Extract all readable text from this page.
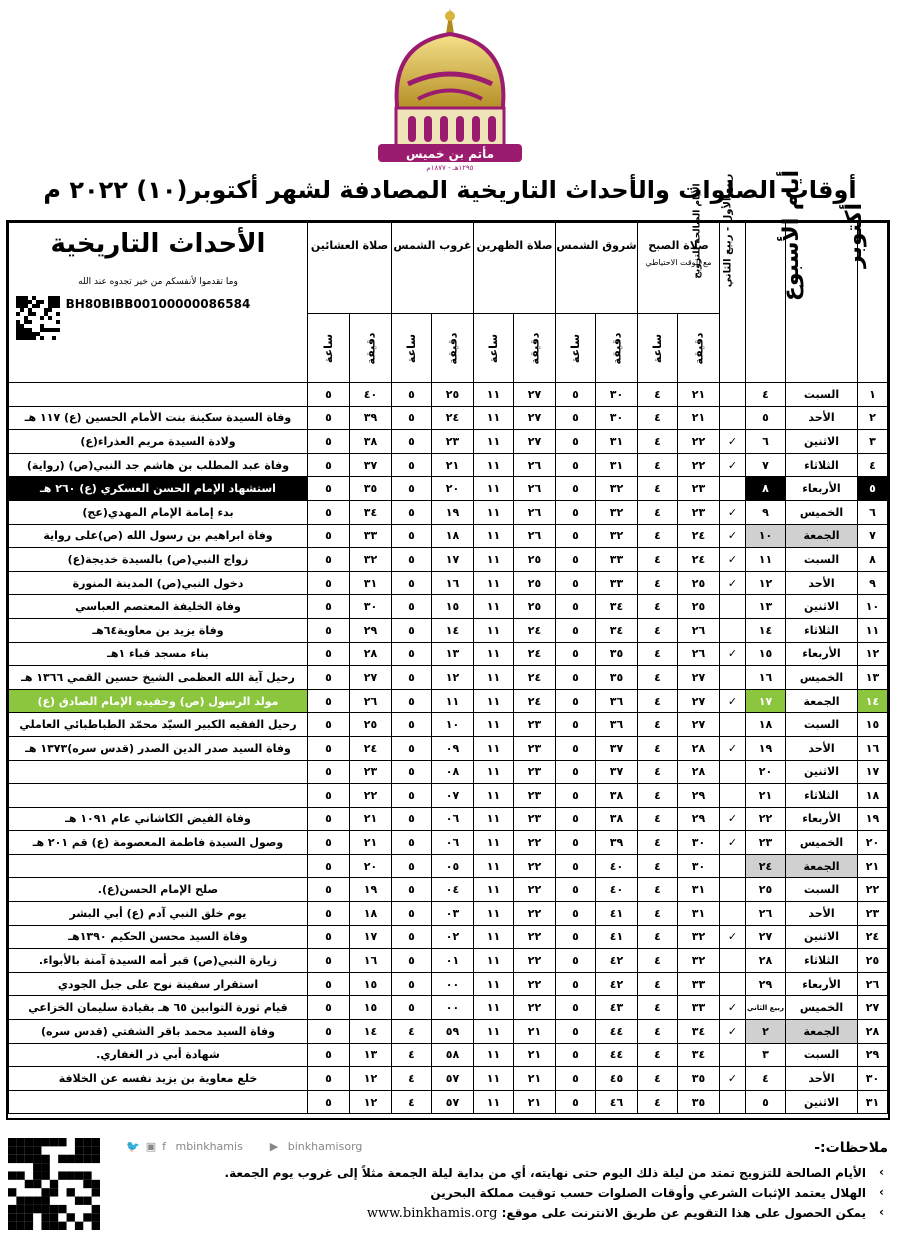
مأتم بن خميس
١٢٩٥هـ - ١٨٧٧م
أوقات الصلوات والأحداث التاريخية المصادفة لشهر أكتوبر(١٠) ٢٠٢٢ م
أكتوبر	أيام الأسبوع	ربيع الأول - ربيع الثاني	الأيام الصالحة للتزويج	صلاة الصبح
مع الوقت الاحتياطي		شروق الشمس		صلاة الظهرين		غروب الشمس		صلاة العشائين		الأحداث التاريخية
وما تقدموا لأنفسكم من خير تجدوه عند الله
BH80BIBB00100000086584

				دقيقة	ساعة	دقيقة	ساعة	دقيقة	ساعة	دقيقة	ساعة	دقيقة	ساعة	
١	السبت	٤		٢١	٤	٣٠	٥	٢٧	١١	٢٥	٥	٤٠	٥	
٢	الأحد	٥		٢١	٤	٣٠	٥	٢٧	١١	٢٤	٥	٣٩	٥	وفاة السيدة سكينة بنت الأمام الحسين (ع) ١١٧ هـ
٣	الاثنين	٦	✓	٢٢	٤	٣١	٥	٢٧	١١	٢٣	٥	٣٨	٥	ولادة السيدة مريم العذراء(ع)
٤	الثلاثاء	٧	✓	٢٢	٤	٣١	٥	٢٦	١١	٢١	٥	٣٧	٥	وفاة عبد المطلب بن هاشم جد النبي(ص) (رواية)
٥	الأربعاء	٨		٢٣	٤	٣٢	٥	٢٦	١١	٢٠	٥	٣٥	٥	استشهاد الإمام الحسن العسكري (ع) ٢٦٠ هـ
٦	الخميس	٩	✓	٢٣	٤	٣٢	٥	٢٦	١١	١٩	٥	٣٤	٥	بدء إمامة الإمام المهدي(عج)
٧	الجمعة	١٠	✓	٢٤	٤	٣٢	٥	٢٦	١١	١٨	٥	٣٣	٥	وفاة ابراهيم بن رسول الله (ص)على رواية
٨	السبت	١١	✓	٢٤	٤	٣٣	٥	٢٥	١١	١٧	٥	٣٢	٥	زواج النبي(ص) بالسيدة خديجة(ع)
٩	الأحد	١٢	✓	٢٥	٤	٣٣	٥	٢٥	١١	١٦	٥	٣١	٥	دخول النبي(ص) المدينة المنورة
١٠	الاثنين	١٣		٢٥	٤	٣٤	٥	٢٥	١١	١٥	٥	٣٠	٥	وفاة الخليفة المعتصم العباسي
١١	الثلاثاء	١٤		٢٦	٤	٣٤	٥	٢٤	١١	١٤	٥	٢٩	٥	وفاة يزيد بن معاوية٦٤هـ
١٢	الأربعاء	١٥	✓	٢٦	٤	٣٥	٥	٢٤	١١	١٣	٥	٢٨	٥	بناء مسجد قباء ١هـ
١٣	الخميس	١٦		٢٧	٤	٣٥	٥	٢٤	١١	١٢	٥	٢٧	٥	رحيل آية الله العظمى الشيخ حسين القمي ١٣٦٦ هـ
١٤	الجمعة	١٧	✓	٢٧	٤	٣٦	٥	٢٤	١١	١١	٥	٢٦	٥	مولد الرسول (ص) وحفيده الإمام الصادق (ع)
١٥	السبت	١٨		٢٧	٤	٣٦	٥	٢٣	١١	١٠	٥	٢٥	٥	رحيل الفقيه الكبير السيّد محمّد الطباطبائي العاملي
١٦	الأحد	١٩	✓	٢٨	٤	٣٧	٥	٢٣	١١	٠٩	٥	٢٤	٥	وفاة السيد صدر الدين الصدر (قدس سره)١٣٧٣ هـ
١٧	الاثنين	٢٠		٢٨	٤	٣٧	٥	٢٣	١١	٠٨	٥	٢٣	٥	
١٨	الثلاثاء	٢١		٢٩	٤	٣٨	٥	٢٣	١١	٠٧	٥	٢٢	٥	
١٩	الأربعاء	٢٢	✓	٢٩	٤	٣٨	٥	٢٣	١١	٠٦	٥	٢١	٥	وفاة الفيض الكاشاني عام ١٠٩١ هـ
٢٠	الخميس	٢٣	✓	٣٠	٤	٣٩	٥	٢٢	١١	٠٦	٥	٢١	٥	وصول السيدة فاطمة المعصومة (ع) قم ٢٠١ هـ
٢١	الجمعة	٢٤		٣٠	٤	٤٠	٥	٢٢	١١	٠٥	٥	٢٠	٥	
٢٢	السبت	٢٥		٣١	٤	٤٠	٥	٢٢	١١	٠٤	٥	١٩	٥	صلح الإمام الحسن(ع).
٢٣	الأحد	٢٦		٣١	٤	٤١	٥	٢٢	١١	٠٣	٥	١٨	٥	يوم خلق النبي آدم (ع) أبي البشر
٢٤	الاثنين	٢٧	✓	٣٢	٤	٤١	٥	٢٢	١١	٠٢	٥	١٧	٥	وفاة السيد محسن الحكيم ١٣٩٠هـ
٢٥	الثلاثاء	٢٨		٣٢	٤	٤٢	٥	٢٢	١١	٠١	٥	١٦	٥	زيارة النبي(ص) قبر أمه السيدة آمنة بالأبواء.
٢٦	الأربعاء	٢٩		٣٣	٤	٤٢	٥	٢٢	١١	٠٠	٥	١٥	٥	استقرار سفينة نوح على جبل الجودي
٢٧	الخميس	ربيع الثاني	✓	٣٣	٤	٤٣	٥	٢٢	١١	٠٠	٥	١٥	٥	قيام ثورة التوابين ٦٥ هـ بقيادة سليمان الخزاعي
٢٨	الجمعة	٢	✓	٣٤	٤	٤٤	٥	٢١	١١	٥٩	٤	١٤	٥	وفاة السيد محمد باقر الشفتي (قدس سره)
٢٩	السبت	٣		٣٤	٤	٤٤	٥	٢١	١١	٥٨	٤	١٣	٥	شهادة أبي ذر الغفاري.
٣٠	الأحد	٤	✓	٣٥	٤	٤٥	٥	٢١	١١	٥٧	٤	١٢	٥	خلع معاوية بن يزيد نفسه عن الخلافة
٣١	الاثنين	٥		٣٥	٤	٤٦	٥	٢١	١١	٥٧	٤	١٢	٥	
🐦 ▣ f mbinkhamis ▶ binkhamisorg	ملاحظات:-
› الأيام الصالحة للتزويج تمتد من ليلة ذلك اليوم حتى نهايته، أي من بداية ليلة الجمعة مثلاً إلى غروب يوم الجمعة.
› الهلال يعتمد الإثبات الشرعي وأوقات الصلوات حسب توقيت مملكة البحرين
› يمكن الحصول على هذا التقويم عن طريق الانترنت على موقع: www.binkhamis.org
